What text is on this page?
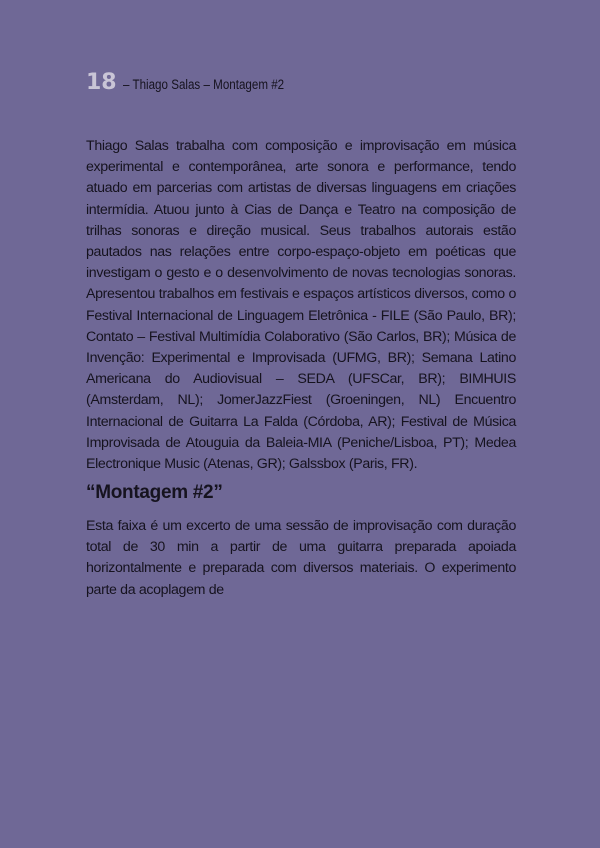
18 – Thiago Salas – Montagem #2

Thiago Salas trabalha com composição e improvisação em música experimental e contemporânea, arte sonora e performance, tendo atuado em parcerias com artistas de diversas linguagens em criações intermídia. Atuou junto à Cias de Dança e Teatro na composição de trilhas sonoras e direção musical. Seus trabalhos autorais estão pautados nas relações entre corpo-espaço-objeto em poéticas que investigam o gesto e o desenvolvimento de novas tecnologias sonoras. Apresentou trabalhos em festivais e espaços artísticos diversos, como o Festival Internacional de Linguagem Eletrônica - FILE (São Paulo, BR); Contato – Festival Multimídia Colaborativo (São Carlos, BR); Música de Invenção: Experimental e Improvisada (UFMG, BR); Semana Latino Americana do Audiovisual – SEDA (UFSCar, BR); BIMHUIS (Amsterdam, NL); JomerJazzFiest (Groeningen, NL) Encuentro Internacional de Guitarra La Falda (Córdoba, AR); Festival de Música Improvisada de Atouguia da Baleia-MIA (Peniche/Lisboa, PT); Medea Electronique Music (Atenas, GR); Galssbox (Paris, FR).

“Montagem #2”

Esta faixa é um excerto de uma sessão de improvisação com duração total de 30 min a partir de uma guitarra preparada apoiada horizontalmente e preparada com diversos materiais. O experimento parte da acoplagem de
